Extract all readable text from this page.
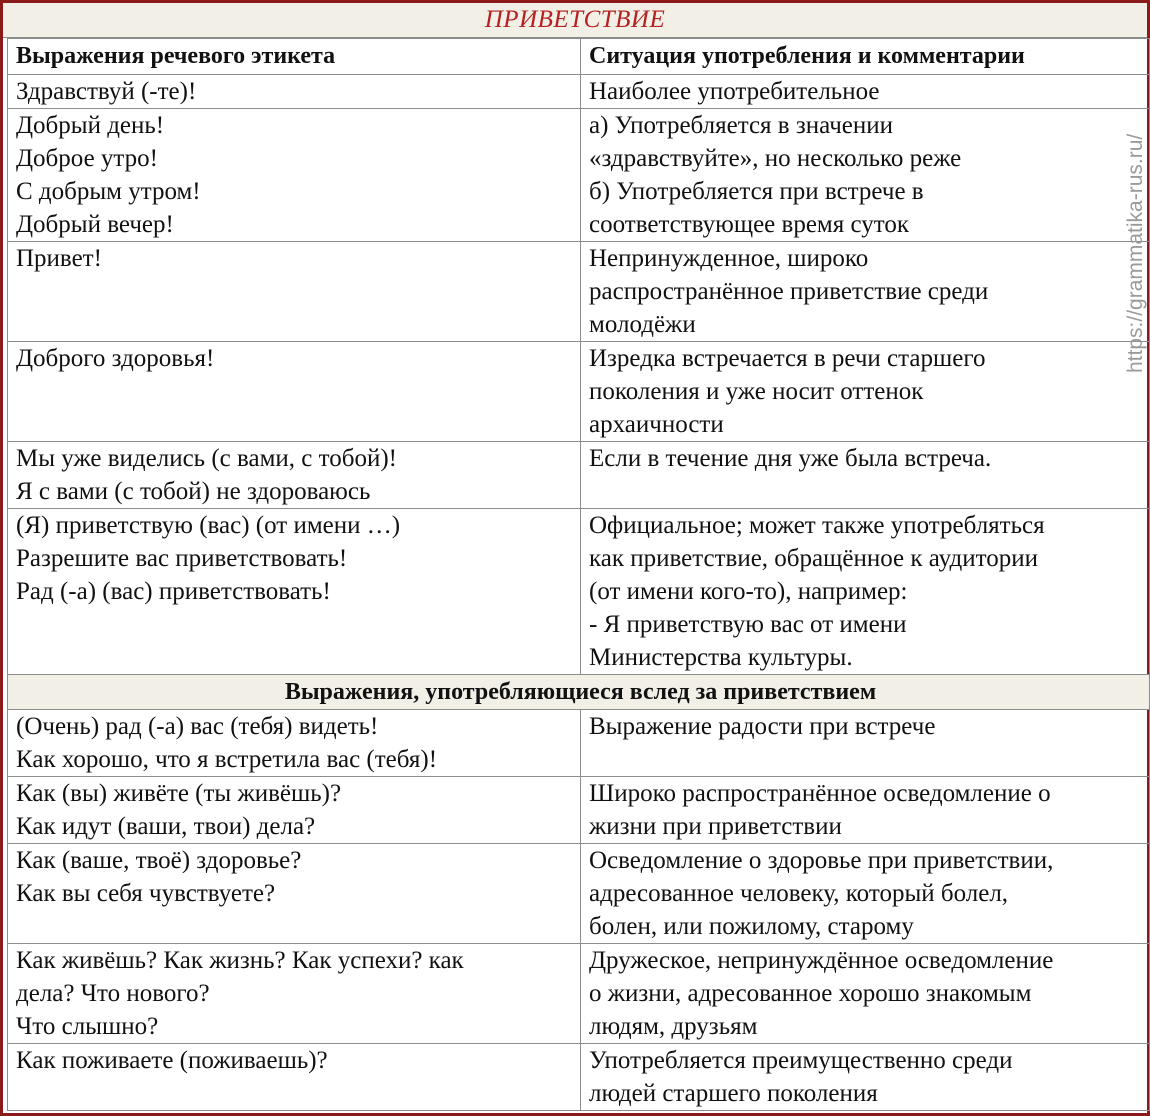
ПРИВЕТСТВИЕ
Выражения речевого этикета	Ситуация употребления и комментарии

Здравствуй (-те)!	Наиболее употребительное

Добрый день!
Доброе утро!
С добрым утром!
Добрый вечер!	а) Употребляется в значении
«здравствуйте», но несколько реже
б) Употребляется при встрече в
соответствующее время суток

Привет!	Непринужденное, широко
распространённое приветствие среди
молодёжи

Доброго здоровья!	Изредка встречается в речи старшего
поколения и уже носит оттенок
архаичности

Мы уже виделись (с вами, с тобой)!
Я с вами (с тобой) не здороваюсь	Если в течение дня уже была встреча.

(Я) приветствую (вас) (от имени …)
Разрешите вас приветствовать!
Рад (-а) (вас) приветствовать!	Официальное; может также употребляться
как приветствие, обращённое к аудитории
(от имени кого-то), например:
- Я приветствую вас от имени
Министерства культуры.

Выражения, употребляющиеся вслед за приветствием	

(Очень) рад (-а) вас (тебя) видеть!
Как хорошо, что я встретила вас (тебя)!	Выражение радости при встрече

Как (вы) живёте (ты живёшь)?
Как идут (ваши, твои) дела?	Широко распространённое осведомление о
жизни при приветствии

Как (ваше, твоё) здоровье?
Как вы себя чувствуете?	Осведомление о здоровье при приветствии,
адресованное человеку, который болел,
болен, или пожилому, старому

Как живёшь? Как жизнь? Как успехи? как
дела? Что нового?
Что слышно?	Дружеское, непринуждённое осведомление
о жизни, адресованное хорошо знакомым
людям, друзьям

Как поживаете (поживаешь)?	Употребляется преимущественно среди
людей старшего поколения
https://grammatika-rus.ru/
